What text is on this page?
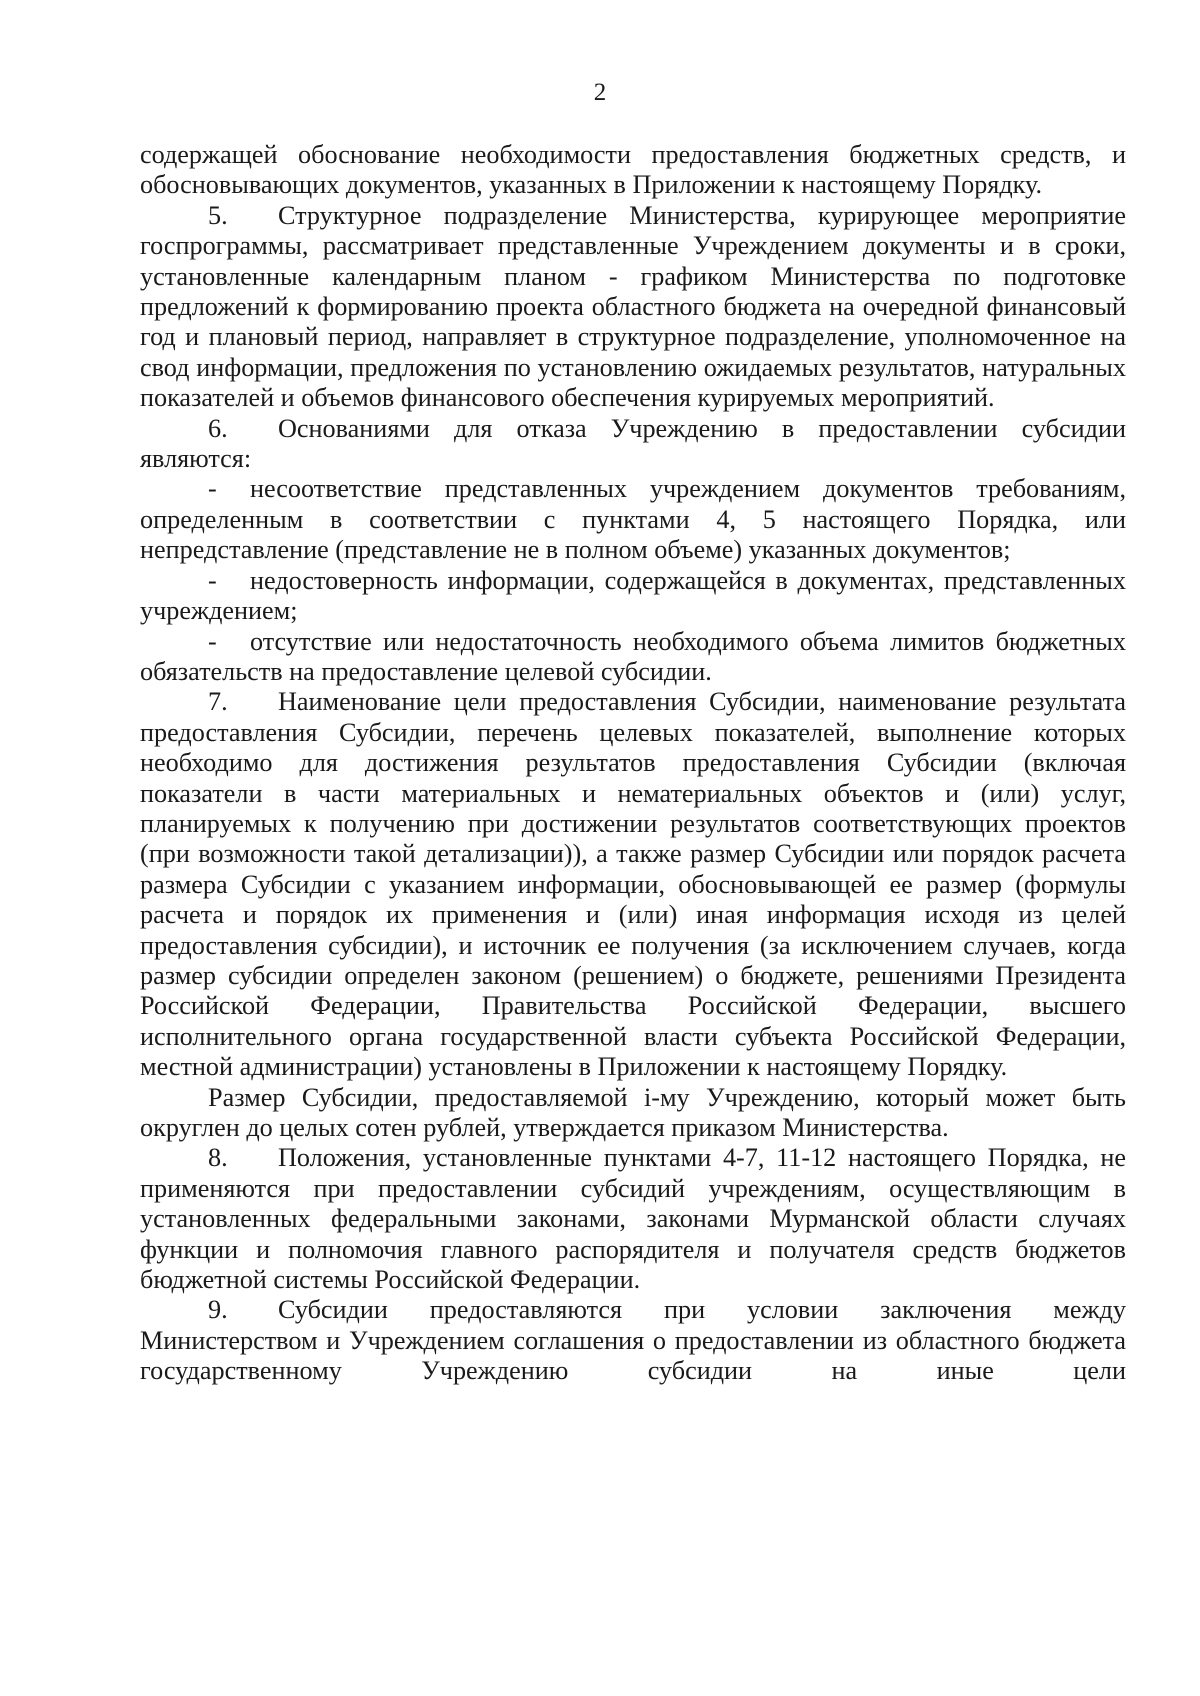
2

содержащей обоснование необходимости предоставления бюджетных средств, и обосновывающих документов, указанных в Приложении к настоящему Порядку.

5. Структурное подразделение Министерства, курирующее мероприятие госпрограммы, рассматривает представленные Учреждением документы и в сроки, установленные календарным планом - графиком Министерства по подготовке предложений к формированию проекта областного бюджета на очередной финансовый год и плановый период, направляет в структурное подразделение, уполномоченное на свод информации, предложения по установлению ожидаемых результатов, натуральных показателей и объемов финансового обеспечения курируемых мероприятий.

6. Основаниями для отказа Учреждению в предоставлении субсидии являются:

- несоответствие представленных учреждением документов требованиям, определенным в соответствии с пунктами 4, 5 настоящего Порядка, или непредставление (представление не в полном объеме) указанных документов;

- недостоверность информации, содержащейся в документах, представленных учреждением;

- отсутствие или недостаточность необходимого объема лимитов бюджетных обязательств на предоставление целевой субсидии.

7. Наименование цели предоставления Субсидии, наименование результата предоставления Субсидии, перечень целевых показателей, выполнение которых необходимо для достижения результатов предоставления Субсидии (включая показатели в части материальных и нематериальных объектов и (или) услуг, планируемых к получению при достижении результатов соответствующих проектов (при возможности такой детализации)), а также размер Субсидии или порядок расчета размера Субсидии с указанием информации, обосновывающей ее размер (формулы расчета и порядок их применения и (или) иная информация исходя из целей предоставления субсидии), и источник ее получения (за исключением случаев, когда размер субсидии определен законом (решением) о бюджете, решениями Президента Российской Федерации, Правительства Российской Федерации, высшего исполнительного органа государственной власти субъекта Российской Федерации, местной администрации) установлены в Приложении к настоящему Порядку.

Размер Субсидии, предоставляемой i-му Учреждению, который может быть округлен до целых сотен рублей, утверждается приказом Министерства.

8. Положения, установленные пунктами 4-7, 11-12 настоящего Порядка, не применяются при предоставлении субсидий учреждениям, осуществляющим в установленных федеральными законами, законами Мурманской области случаях функции и полномочия главного распорядителя и получателя средств бюджетов бюджетной системы Российской Федерации.

9. Субсидии предоставляются при условии заключения между Министерством и Учреждением соглашения о предоставлении из областного бюджета государственному Учреждению субсидии на иные цели
